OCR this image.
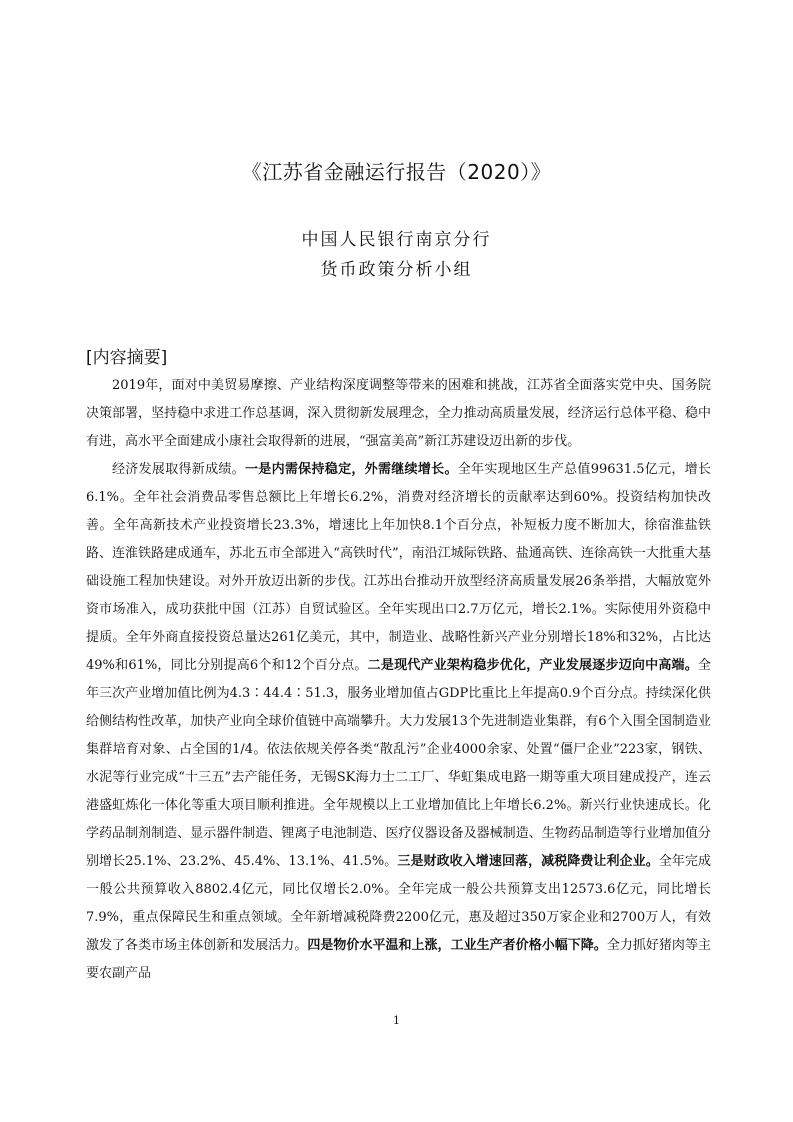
《江苏省金融运行报告（2020）》
中国人民银行南京分行
货币政策分析小组
[内容摘要]

2019年，面对中美贸易摩擦、产业结构深度调整等带来的困难和挑战，江苏省全面落实党中央、国务院决策部署，坚持稳中求进工作总基调，深入贯彻新发展理念，全力推动高质量发展，经济运行总体平稳、稳中有进，高水平全面建成小康社会取得新的进展，“强富美高”新江苏建设迈出新的步伐。

经济发展取得新成绩。一是内需保持稳定，外需继续增长。全年实现地区生产总值99631.5亿元，增长6.1%。全年社会消费品零售总额比上年增长6.2%，消费对经济增长的贡献率达到60%。投资结构加快改善。全年高新技术产业投资增长23.3%，增速比上年加快8.1个百分点，补短板力度不断加大，徐宿淮盐铁路、连淮铁路建成通车，苏北五市全部进入“高铁时代”，南沿江城际铁路、盐通高铁、连徐高铁一大批重大基础设施工程加快建设。对外开放迈出新的步伐。江苏出台推动开放型经济高质量发展26条举措，大幅放宽外资市场准入，成功获批中国（江苏）自贸试验区。全年实现出口2.7万亿元，增长2.1%。实际使用外资稳中提质。全年外商直接投资总量达261亿美元，其中，制造业、战略性新兴产业分别增长18%和32%，占比达49%和61%，同比分别提高6个和12个百分点。二是现代产业架构稳步优化，产业发展逐步迈向中高端。全年三次产业增加值比例为4.3∶44.4∶51.3，服务业增加值占GDP比重比上年提高0.9个百分点。持续深化供给侧结构性改革，加快产业向全球价值链中高端攀升。大力发展13个先进制造业集群，有6个入围全国制造业集群培育对象、占全国的1/4。依法依规关停各类“散乱污”企业4000余家、处置“僵尸企业”223家，钢铁、水泥等行业完成“十三五”去产能任务，无锡SK海力士二工厂、华虹集成电路一期等重大项目建成投产，连云港盛虹炼化一体化等重大项目顺利推进。全年规模以上工业增加值比上年增长6.2%。新兴行业快速成长。化学药品制剂制造、显示器件制造、锂离子电池制造、医疗仪器设备及器械制造、生物药品制造等行业增加值分别增长25.1%、23.2%、45.4%、13.1%、41.5%。三是财政收入增速回落，减税降费让利企业。全年完成一般公共预算收入8802.4亿元，同比仅增长2.0%。全年完成一般公共预算支出12573.6亿元，同比增长7.9%，重点保障民生和重点领域。全年新增减税降费2200亿元，惠及超过350万家企业和2700万人，有效激发了各类市场主体创新和发展活力。四是物价水平温和上涨，工业生产者价格小幅下降。全力抓好猪肉等主要农副产品

1
